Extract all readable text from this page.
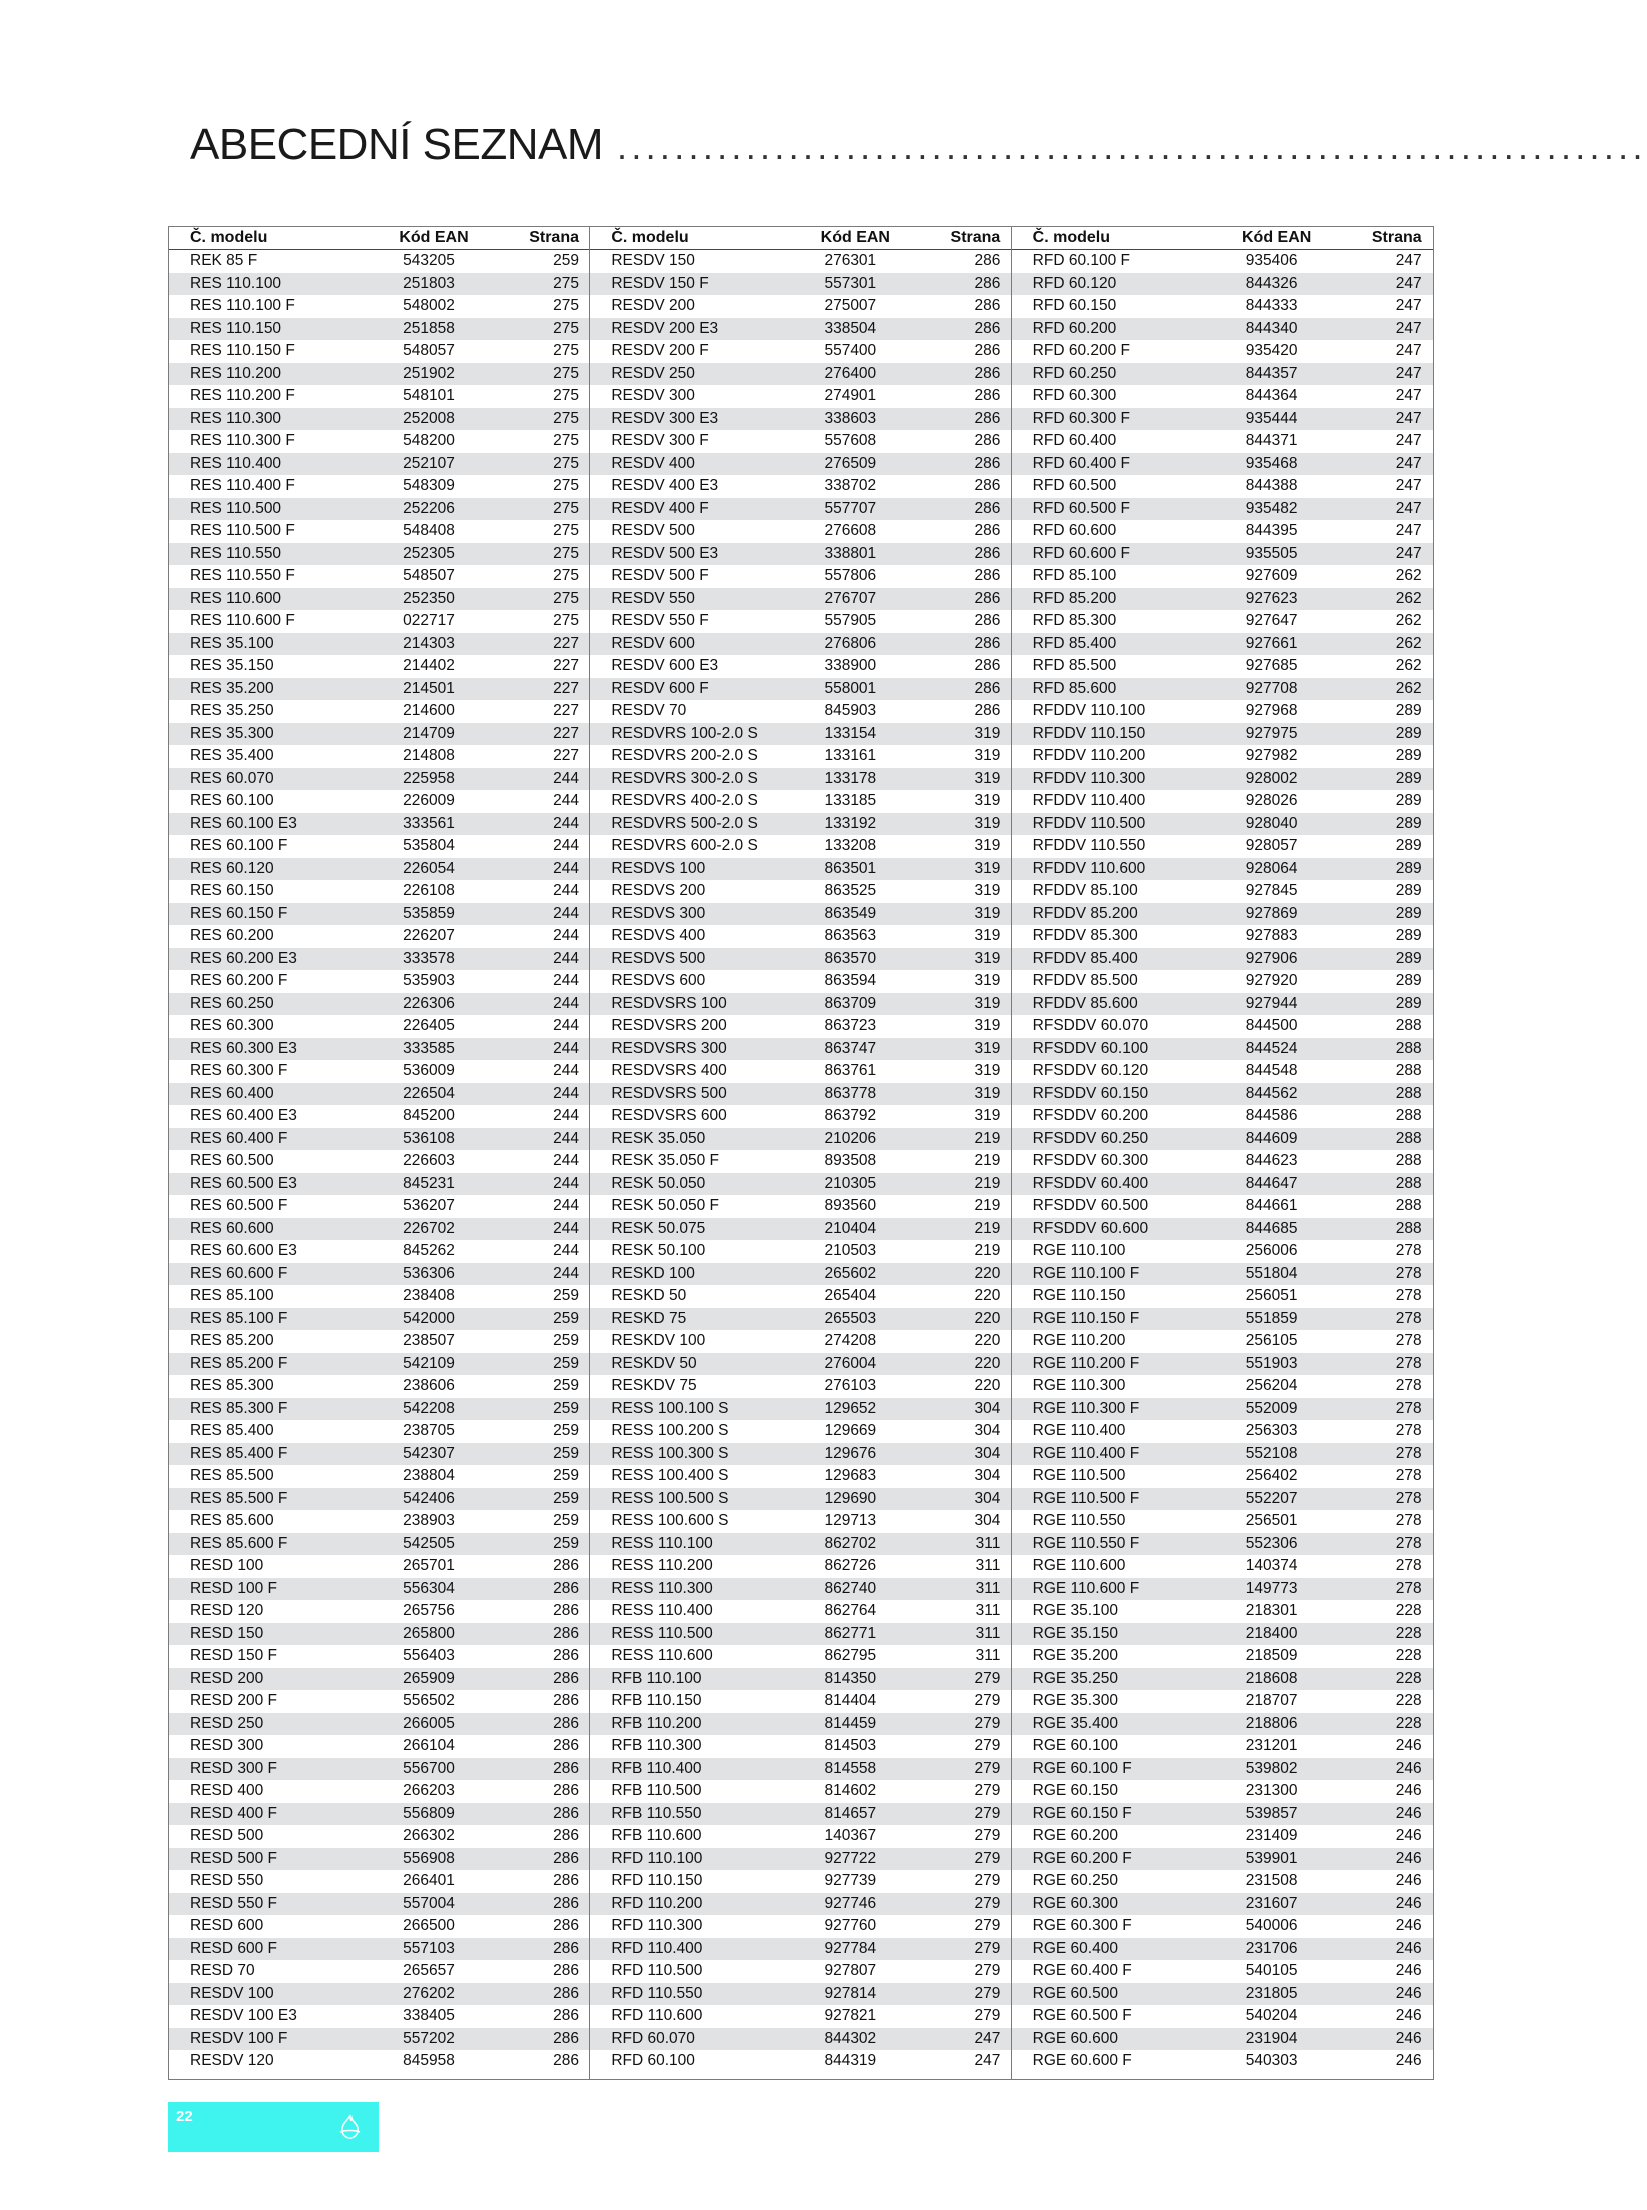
ABECEDNÍ SEZNAM ........................................................................
Č. modelu	Kód EAN	Strana
REK 85 F	543205	259
RES 110.100	251803	275
RES 110.100 F	548002	275
RES 110.150	251858	275
RES 110.150 F	548057	275
RES 110.200	251902	275
RES 110.200 F	548101	275
RES 110.300	252008	275
RES 110.300 F	548200	275
RES 110.400	252107	275
RES 110.400 F	548309	275
RES 110.500	252206	275
RES 110.500 F	548408	275
RES 110.550	252305	275
RES 110.550 F	548507	275
RES 110.600	252350	275
RES 110.600 F	022717	275
RES 35.100	214303	227
RES 35.150	214402	227
RES 35.200	214501	227
RES 35.250	214600	227
RES 35.300	214709	227
RES 35.400	214808	227
RES 60.070	225958	244
RES 60.100	226009	244
RES 60.100 E3	333561	244
RES 60.100 F	535804	244
RES 60.120	226054	244
RES 60.150	226108	244
RES 60.150 F	535859	244
RES 60.200	226207	244
RES 60.200 E3	333578	244
RES 60.200 F	535903	244
RES 60.250	226306	244
RES 60.300	226405	244
RES 60.300 E3	333585	244
RES 60.300 F	536009	244
RES 60.400	226504	244
RES 60.400 E3	845200	244
RES 60.400 F	536108	244
RES 60.500	226603	244
RES 60.500 E3	845231	244
RES 60.500 F	536207	244
RES 60.600	226702	244
RES 60.600 E3	845262	244
RES 60.600 F	536306	244
RES 85.100	238408	259
RES 85.100 F	542000	259
RES 85.200	238507	259
RES 85.200 F	542109	259
RES 85.300	238606	259
RES 85.300 F	542208	259
RES 85.400	238705	259
RES 85.400 F	542307	259
RES 85.500	238804	259
RES 85.500 F	542406	259
RES 85.600	238903	259
RES 85.600 F	542505	259
RESD 100	265701	286
RESD 100 F	556304	286
RESD 120	265756	286
RESD 150	265800	286
RESD 150 F	556403	286
RESD 200	265909	286
RESD 200 F	556502	286
RESD 250	266005	286
RESD 300	266104	286
RESD 300 F	556700	286
RESD 400	266203	286
RESD 400 F	556809	286
RESD 500	266302	286
RESD 500 F	556908	286
RESD 550	266401	286
RESD 550 F	557004	286
RESD 600	266500	286
RESD 600 F	557103	286
RESD 70	265657	286
RESDV 100	276202	286
RESDV 100 E3	338405	286
RESDV 100 F	557202	286
RESDV 120	845958	286
Č. modelu	Kód EAN	Strana
RESDV 150	276301	286
RESDV 150 F	557301	286
RESDV 200	275007	286
RESDV 200 E3	338504	286
RESDV 200 F	557400	286
RESDV 250	276400	286
RESDV 300	274901	286
RESDV 300 E3	338603	286
RESDV 300 F	557608	286
RESDV 400	276509	286
RESDV 400 E3	338702	286
RESDV 400 F	557707	286
RESDV 500	276608	286
RESDV 500 E3	338801	286
RESDV 500 F	557806	286
RESDV 550	276707	286
RESDV 550 F	557905	286
RESDV 600	276806	286
RESDV 600 E3	338900	286
RESDV 600 F	558001	286
RESDV 70	845903	286
RESDVRS 100-2.0 S	133154	319
RESDVRS 200-2.0 S	133161	319
RESDVRS 300-2.0 S	133178	319
RESDVRS 400-2.0 S	133185	319
RESDVRS 500-2.0 S	133192	319
RESDVRS 600-2.0 S	133208	319
RESDVS 100	863501	319
RESDVS 200	863525	319
RESDVS 300	863549	319
RESDVS 400	863563	319
RESDVS 500	863570	319
RESDVS 600	863594	319
RESDVSRS 100	863709	319
RESDVSRS 200	863723	319
RESDVSRS 300	863747	319
RESDVSRS 400	863761	319
RESDVSRS 500	863778	319
RESDVSRS 600	863792	319
RESK 35.050	210206	219
RESK 35.050 F	893508	219
RESK 50.050	210305	219
RESK 50.050 F	893560	219
RESK 50.075	210404	219
RESK 50.100	210503	219
RESKD 100	265602	220
RESKD 50	265404	220
RESKD 75	265503	220
RESKDV 100	274208	220
RESKDV 50	276004	220
RESKDV 75	276103	220
RESS 100.100 S	129652	304
RESS 100.200 S	129669	304
RESS 100.300 S	129676	304
RESS 100.400 S	129683	304
RESS 100.500 S	129690	304
RESS 100.600 S	129713	304
RESS 110.100	862702	311
RESS 110.200	862726	311
RESS 110.300	862740	311
RESS 110.400	862764	311
RESS 110.500	862771	311
RESS 110.600	862795	311
RFB 110.100	814350	279
RFB 110.150	814404	279
RFB 110.200	814459	279
RFB 110.300	814503	279
RFB 110.400	814558	279
RFB 110.500	814602	279
RFB 110.550	814657	279
RFB 110.600	140367	279
RFD 110.100	927722	279
RFD 110.150	927739	279
RFD 110.200	927746	279
RFD 110.300	927760	279
RFD 110.400	927784	279
RFD 110.500	927807	279
RFD 110.550	927814	279
RFD 110.600	927821	279
RFD 60.070	844302	247
RFD 60.100	844319	247
Č. modelu	Kód EAN	Strana
RFD 60.100 F	935406	247
RFD 60.120	844326	247
RFD 60.150	844333	247
RFD 60.200	844340	247
RFD 60.200 F	935420	247
RFD 60.250	844357	247
RFD 60.300	844364	247
RFD 60.300 F	935444	247
RFD 60.400	844371	247
RFD 60.400 F	935468	247
RFD 60.500	844388	247
RFD 60.500 F	935482	247
RFD 60.600	844395	247
RFD 60.600 F	935505	247
RFD 85.100	927609	262
RFD 85.200	927623	262
RFD 85.300	927647	262
RFD 85.400	927661	262
RFD 85.500	927685	262
RFD 85.600	927708	262
RFDDV 110.100	927968	289
RFDDV 110.150	927975	289
RFDDV 110.200	927982	289
RFDDV 110.300	928002	289
RFDDV 110.400	928026	289
RFDDV 110.500	928040	289
RFDDV 110.550	928057	289
RFDDV 110.600	928064	289
RFDDV 85.100	927845	289
RFDDV 85.200	927869	289
RFDDV 85.300	927883	289
RFDDV 85.400	927906	289
RFDDV 85.500	927920	289
RFDDV 85.600	927944	289
RFSDDV 60.070	844500	288
RFSDDV 60.100	844524	288
RFSDDV 60.120	844548	288
RFSDDV 60.150	844562	288
RFSDDV 60.200	844586	288
RFSDDV 60.250	844609	288
RFSDDV 60.300	844623	288
RFSDDV 60.400	844647	288
RFSDDV 60.500	844661	288
RFSDDV 60.600	844685	288
RGE 110.100	256006	278
RGE 110.100 F	551804	278
RGE 110.150	256051	278
RGE 110.150 F	551859	278
RGE 110.200	256105	278
RGE 110.200 F	551903	278
RGE 110.300	256204	278
RGE 110.300 F	552009	278
RGE 110.400	256303	278
RGE 110.400 F	552108	278
RGE 110.500	256402	278
RGE 110.500 F	552207	278
RGE 110.550	256501	278
RGE 110.550 F	552306	278
RGE 110.600	140374	278
RGE 110.600 F	149773	278
RGE 35.100	218301	228
RGE 35.150	218400	228
RGE 35.200	218509	228
RGE 35.250	218608	228
RGE 35.300	218707	228
RGE 35.400	218806	228
RGE 60.100	231201	246
RGE 60.100 F	539802	246
RGE 60.150	231300	246
RGE 60.150 F	539857	246
RGE 60.200	231409	246
RGE 60.200 F	539901	246
RGE 60.250	231508	246
RGE 60.300	231607	246
RGE 60.300 F	540006	246
RGE 60.400	231706	246
RGE 60.400 F	540105	246
RGE 60.500	231805	246
RGE 60.500 F	540204	246
RGE 60.600	231904	246
RGE 60.600 F	540303	246
22
